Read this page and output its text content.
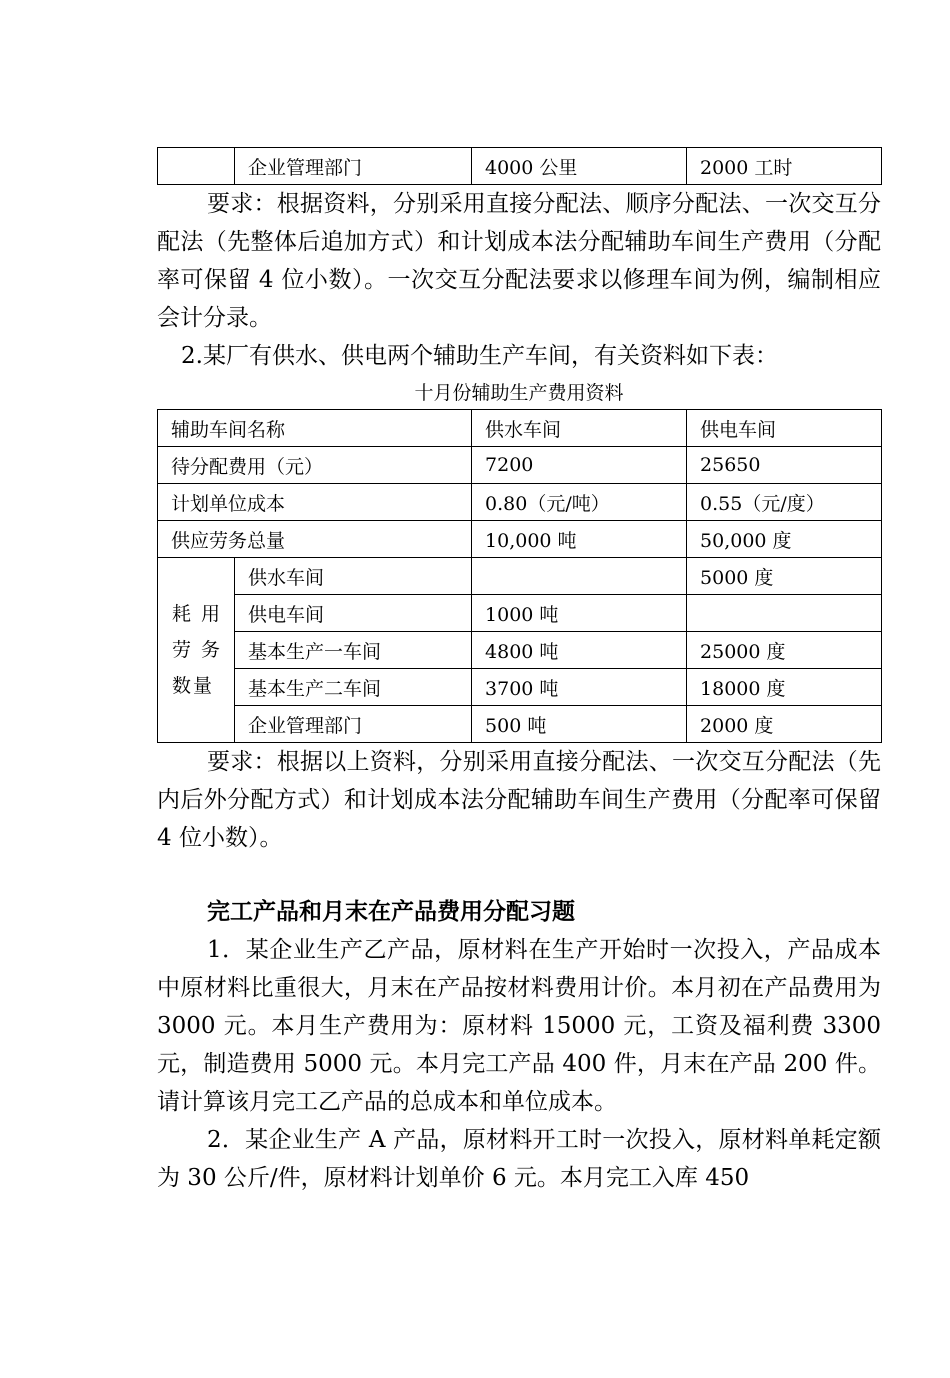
	企业管理部门	4000 公里	2000 工时

要求：根据资料，分别采用直接分配法、顺序分配法、一次交互分配法（先整体后追加方式）和计划成本法分配辅助车间生产费用（分配率可保留 4 位小数）。一次交互分配法要求以修理车间为例，编制相应会计分录。

2.某厂有供水、供电两个辅助生产车间，有关资料如下表：

十月份辅助生产费用资料

辅助车间名称		供水车间	供电车间
待分配费用（元）		7200	25650
计划单位成本		0.80（元/吨）	0.55（元/度）
供应劳务总量		10,000 吨	50,000 度

耗 用
劳 务
数量	供水车间		5000 度
	供电车间	1000 吨	
	基本生产一车间	4800 吨	25000 度
	基本生产二车间	3700 吨	18000 度
	企业管理部门	500 吨	2000 度

要求：根据以上资料，分别采用直接分配法、一次交互分配法（先内后外分配方式）和计划成本法分配辅助车间生产费用（分配率可保留 4 位小数）。

完工产品和月末在产品费用分配习题

1．某企业生产乙产品，原材料在生产开始时一次投入，产品成本中原材料比重很大，月末在产品按材料费用计价。本月初在产品费用为 3000 元。本月生产费用为：原材料 15000 元，工资及福利费 3300 元，制造费用 5000 元。本月完工产品 400 件，月末在产品 200 件。请计算该月完工乙产品的总成本和单位成本。

2．某企业生产 A 产品，原材料开工时一次投入，原材料单耗定额为 30 公斤/件，原材料计划单价 6 元。本月完工入库 450
